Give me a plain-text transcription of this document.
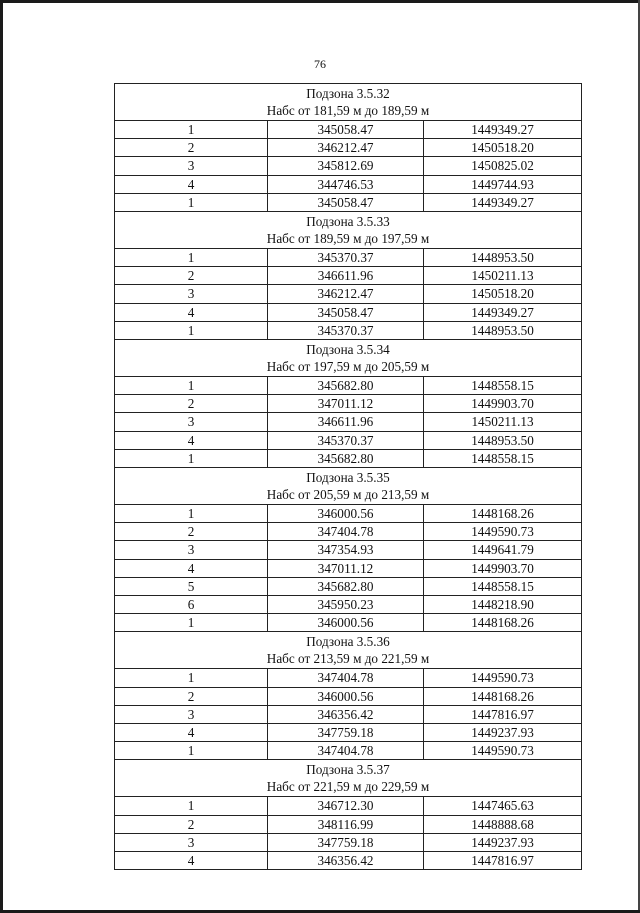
76
Подзона 3.5.32
Набс от 181,59 м до 189,59 м		

1	345058.47	1449349.27
2	346212.47	1450518.20
3	345812.69	1450825.02
4	344746.53	1449744.93
1	345058.47	1449349.27

Подзона 3.5.33
Набс от 189,59 м до 197,59 м		

1	345370.37	1448953.50
2	346611.96	1450211.13
3	346212.47	1450518.20
4	345058.47	1449349.27
1	345370.37	1448953.50

Подзона 3.5.34
Набс от 197,59 м до 205,59 м		

1	345682.80	1448558.15
2	347011.12	1449903.70
3	346611.96	1450211.13
4	345370.37	1448953.50
1	345682.80	1448558.15

Подзона 3.5.35
Набс от 205,59 м до 213,59 м		

1	346000.56	1448168.26
2	347404.78	1449590.73
3	347354.93	1449641.79
4	347011.12	1449903.70
5	345682.80	1448558.15
6	345950.23	1448218.90
1	346000.56	1448168.26

Подзона 3.5.36
Набс от 213,59 м до 221,59 м		

1	347404.78	1449590.73
2	346000.56	1448168.26
3	346356.42	1447816.97
4	347759.18	1449237.93
1	347404.78	1449590.73

Подзона 3.5.37
Набс от 221,59 м до 229,59 м		

1	346712.30	1447465.63
2	348116.99	1448888.68
3	347759.18	1449237.93
4	346356.42	1447816.97
